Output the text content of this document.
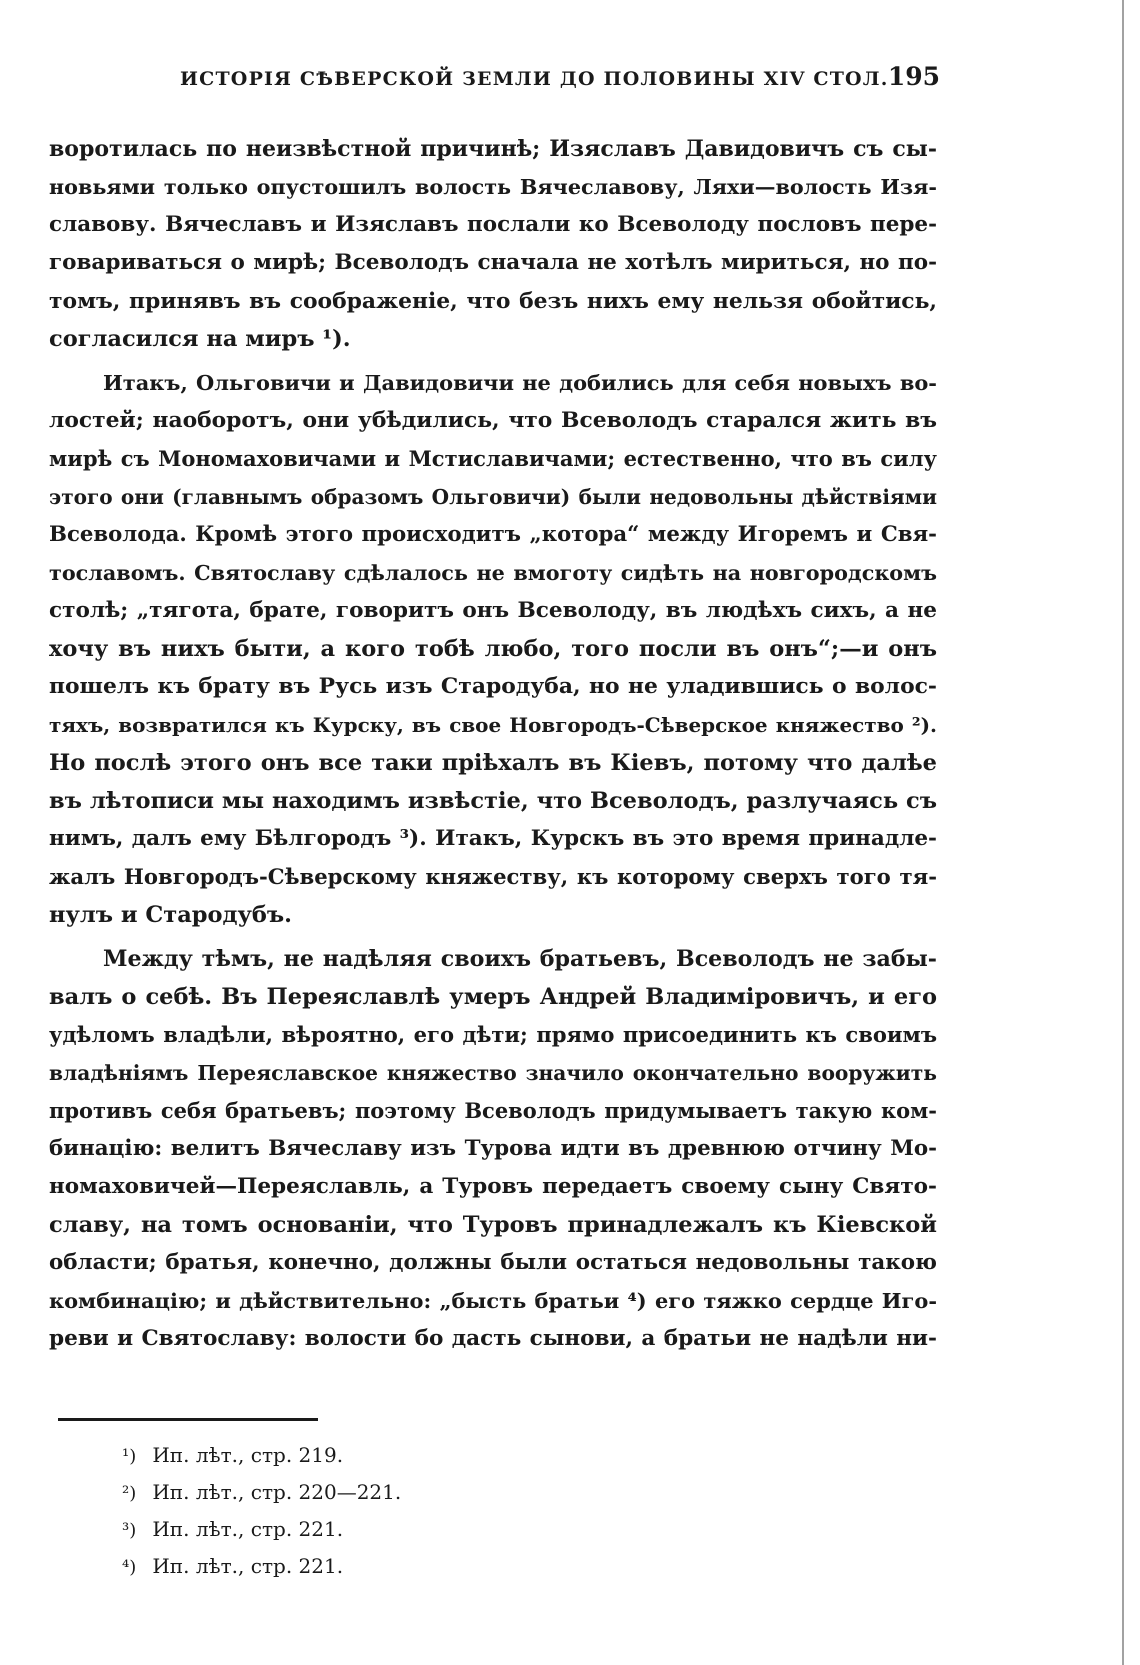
ИСТОРІЯ СѢВЕРСКОЙ ЗЕМЛИ ДО ПОЛОВИНЫ XIV СТОЛ. 195
воротилась по неизвѣстной причинѣ; Изяславъ Давидовичъ съ сы-
новьями только опустошилъ волость Вячеславову, Ляхи—волость Изя-
славову. Вячеславъ и Изяславъ послали ко Всеволоду пословъ пере-
говариваться о мирѣ; Всеволодъ сначала не хотѣлъ мириться, но по-
томъ, принявъ въ соображеніе, что безъ нихъ ему нельзя обойтись,
согласился на миръ ¹).
Итакъ, Ольговичи и Давидовичи не добились для себя новыхъ во-
лостей; наоборотъ, они убѣдились, что Всеволодъ старался жить въ
мирѣ съ Мономаховичами и Мстиславичами; естественно, что въ силу
этого они (главнымъ образомъ Ольговичи) были недовольны дѣйствіями
Всеволода. Кромѣ этого происходитъ „котора“ между Игоремъ и Свя-
тославомъ. Святославу сдѣлалось не вмоготу сидѣть на новгородскомъ
столѣ; „тягота, брате, говоритъ онъ Всеволоду, въ людѣхъ сихъ, а не
хочу въ нихъ быти, а кого тобѣ любо, того посли въ онъ“;—и онъ
пошелъ къ брату въ Русь изъ Стародуба, но не уладившись о волос-
тяхъ, возвратился къ Курску, въ свое Новгородъ-Сѣверское княжество ²).
Но послѣ этого онъ все таки пріѣхалъ въ Кіевъ, потому что далѣе
въ лѣтописи мы находимъ извѣстіе, что Всеволодъ, разлучаясь съ
нимъ, далъ ему Бѣлгородъ ³). Итакъ, Курскъ въ это время принадле-
жалъ Новгородъ-Сѣверскому княжеству, къ которому сверхъ того тя-
нулъ и Стародубъ.
Между тѣмъ, не надѣляя своихъ братьевъ, Всеволодъ не забы-
валъ о себѣ. Въ Переяславлѣ умеръ Андрей Владиміровичъ, и его
удѣломъ владѣли, вѣроятно, его дѣти; прямо присоединить къ своимъ
владѣніямъ Переяславское княжество значило окончательно вооружить
противъ себя братьевъ; поэтому Всеволодъ придумываетъ такую ком-
бинацію: велитъ Вячеславу изъ Турова идти въ древнюю отчину Мо-
номаховичей—Переяславль, а Туровъ передаетъ своему сыну Свято-
славу, на томъ основаніи, что Туровъ принадлежалъ къ Кіевской
области; братья, конечно, должны были остаться недовольны такою
комбинацію; и дѣйствительно: „бысть братьи ⁴) его тяжко сердце Иго-
реви и Святославу: волости бо дасть сынови, а братьи не надѣли ни-
¹) Ип. лѣт., стр. 219.
²) Ип. лѣт., стр. 220—221.
³) Ип. лѣт., стр. 221.
⁴) Ип. лѣт., стр. 221.
